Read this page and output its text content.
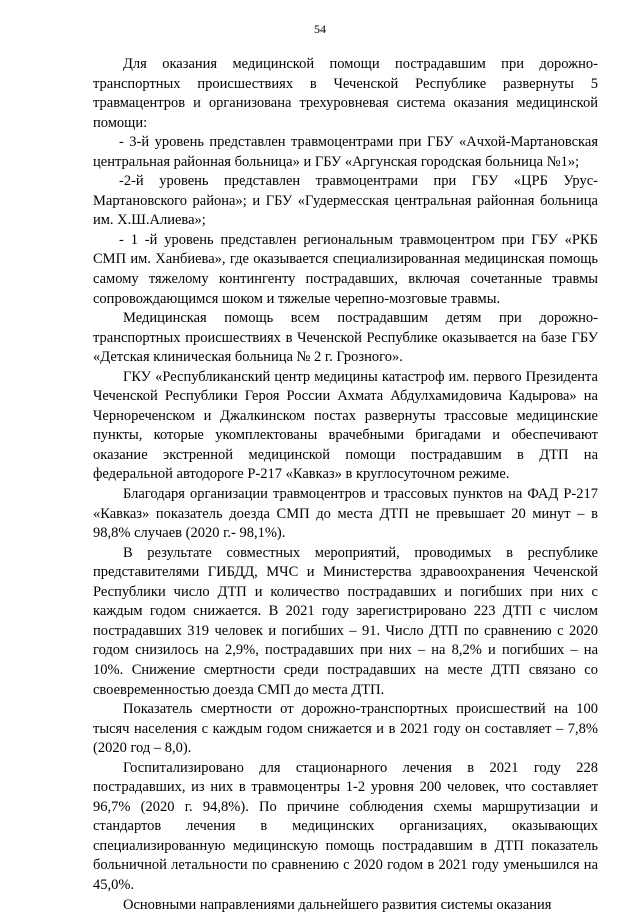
54

Для оказания медицинской помощи пострадавшим при дорожно-транспортных происшествиях в Чеченской Республике развернуты 5 травмацентров и организована трехуровневая система оказания медицинской помощи:

- 3-й уровень представлен травмоцентрами при ГБУ «Ачхой-Мартановская центральная районная больница» и ГБУ «Аргунская городская больница №1»;

-2-й уровень представлен травмоцентрами при ГБУ «ЦРБ Урус-Мартановского района»; и ГБУ «Гудермесская центральная районная больница им. Х.Ш.Алиева»;

- 1 -й уровень представлен региональным травмоцентром при ГБУ «РКБ СМП им. Ханбиева», где оказывается специализированная медицинская помощь самому тяжелому контингенту пострадавших, включая сочетанные травмы сопровождающимся шоком и тяжелые черепно-мозговые травмы.

Медицинская помощь всем пострадавшим детям при дорожно-транспортных происшествиях в Чеченской Республике оказывается на базе ГБУ «Детская клиническая больница № 2 г. Грозного».

ГКУ «Республиканский центр медицины катастроф им. первого Президента Чеченской Республики Героя России Ахмата Абдулхамидовича Кадырова» на Чернореченском и Джалкинском постах развернуты трассовые медицинские пункты, которые укомплектованы врачебными бригадами и обеспечивают оказание экстренной медицинской помощи пострадавшим в ДТП на федеральной автодороге Р-217 «Кавказ» в круглосуточном режиме.

Благодаря организации травмоцентров и трассовых пунктов на ФАД Р-217 «Кавказ» показатель доезда СМП до места ДТП не превышает 20 минут – в 98,8% случаев (2020 г.- 98,1%).

В результате совместных мероприятий, проводимых в республике представителями ГИБДД, МЧС и Министерства здравоохранения Чеченской Республики число ДТП и количество пострадавших и погибших при них с каждым годом снижается. В 2021 году зарегистрировано 223 ДТП с числом пострадавших 319 человек и погибших – 91. Число ДТП по сравнению с 2020 годом снизилось на 2,9%, пострадавших при них – на 8,2% и погибших – на 10%. Снижение смертности среди пострадавших на месте ДТП связано со своевременностью доезда СМП до места ДТП.

Показатель смертности от дорожно-транспортных происшествий на 100 тысяч населения с каждым годом снижается и в 2021 году он составляет – 7,8% (2020 год – 8,0).

Госпитализировано для стационарного лечения в 2021 году 228 пострадавших, из них в травмоцентры 1-2 уровня 200 человек, что составляет 96,7% (2020 г. 94,8%). По причине соблюдения схемы маршрутизации и стандартов лечения в медицинских организациях, оказывающих специализированную медицинскую помощь пострадавшим в ДТП показатель больничной летальности по сравнению с 2020 годом в 2021 году уменьшился на 45,0%.

Основными направлениями дальнейшего развития системы оказания
